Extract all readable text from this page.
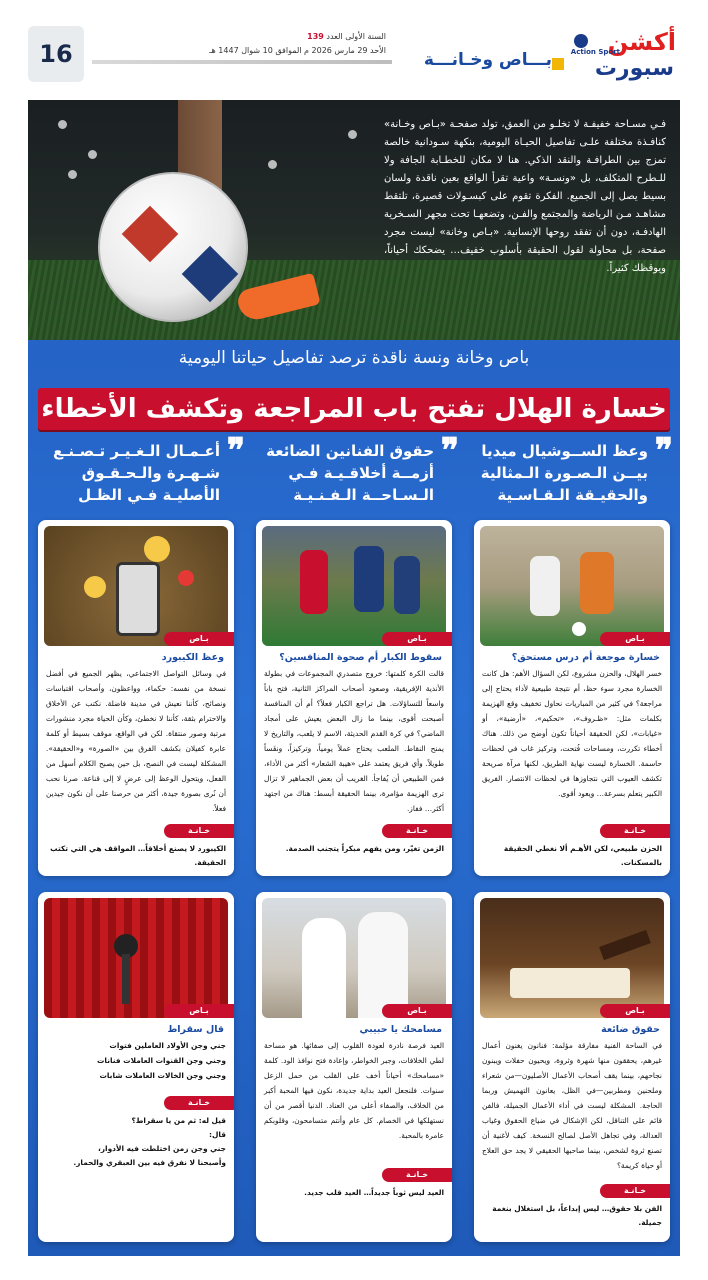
أكشن
Action Sport
سبورت
بـــاص وخـانـــة
السنة الأولى العدد 139
الأحد 29 مارس 2026 م الموافق 10 شوال 1447 هـ
16

فـي مسـاحة خفيفـة لا تخلـو من العمق، تولد صفحـة «بـاص وخـانة» كنافـذة مختلفة علـى تفاصيل الحيـاة اليومية، بنكهة سـودانية خالصة تمزج بين الطرافـة والنقد الذكي. هنا لا مكان للخطـابة الجافة ولا للـطرح المتكلف، بل «ونسـة» واعية تقرأ الواقع بعين ناقدة ولسان بسيط يصل إلى الجميع. الفكرة تقوم على كبسـولات قصيرة، تلتقط مشاهـد مـن الرياضة والمجتمع والفـن، وتضعهـا تحت مجهر السـخرية الهادفـة، دون أن تفقد روحها الإنسانية. «بـاص وخانة» ليست مجرد صفحة، بل محاولة لقول الحقيقة بأسلوب خفيف… يضحكك أحياناً، ويوقظك كثيراً.

باص وخانة ونسة ناقدة ترصد تفاصيل حياتنا اليومية
خسارة الهلال تفتح باب المراجعة وتكشف الأخطاء
❞
وعظ الســوشيال ميديا بيــن الـصـورة الـمثالية والحقيـقة الـقـاسـية
❞
حقوق الفنانين الضائعة أزمــة أخلاقـيـة فـي الـسـاحــة الـفـنـيـة
❞
أعـمـال الـغـيـر تـصـنـع شـهـرة والـحـقـوق الأصليـة فـي الظـل
بـاص
خسارة موجعة أم درس مستحق؟
خسر الهلال، والحزن مشروع، لكن السؤال الأهم: هل كانت الخسارة مجرد سوء حظ، أم نتيجة طبيعية لأداء يحتاج إلى مراجعة؟ في كثير من المباريات نحاول تخفيف وقع الهزيمة بكلمات مثل: «ظـروف»، «تحكيم»، «أرضية»، أو «غيابات»، لكن الحقيقة أحياناً تكون أوضح من ذلك. هناك أخطاء تكررت، ومساحات فُتحت، وتركيز غاب في لحظات حاسمة. الخسارة ليست نهاية الطريق، لكنها مرآة صريحة تكشف العيوب التي نتجاوزها في لحظات الانتصار. الفريق الكبير يتعلم بسرعة… ويعود أقوى.
خـانـة
الحزن طبيعي، لكن الأهـم ألا نغطي الحقيقة بالمسكنات.
بـاص
سقوط الكبار أم صحوة المنافسين؟
قالت الكرة كلمتها: خروج متصدري المجموعات في بطولة الأندية الإفريقية، وصعود أصحاب المراكز الثانية، فتح باباً واسعاً للتساؤلات. هل تراجع الكبار فعلاً؟ أم أن المنافسة أصبحت أقوى، بينما ما زال البعض يعيش على أمجاد الماضي؟ في كرة القدم الحديثة، الاسم لا يلعب، والتاريخ لا يمنح النقاط. الملعب يحتاج عملاً يومياً، وتركيزاً، ونفَساً طويلاً. وأي فريق يعتمد على «هيبة الشعار» أكثر من الأداء، فمن الطبيعي أن يُفاجأ. الغريب أن بعض الجماهير لا تزال ترى الهزيمة مؤامرة، بينما الحقيقة أبسط: هناك من اجتهد أكثر… ففاز.
خـانـة
الزمن تغيّر، ومن يفهم مبكراً يتجنب الصدمة.
بـاص
وعظ الكيبورد
في وسائل التواصل الاجتماعي، يظهر الجميع في أفضل نسخة من نفسه: حكماء، وواعظون، وأصحاب اقتباسات ونصائح، كأننا نعيش في مدينة فاضلة. نكتب عن الأخلاق والاحترام بثقة، كأننا لا نخطئ، وكأن الحياة مجرد منشورات مرتبة وصور منتقاة. لكن في الواقع، موقف بسيط أو كلمة عابرة كفيلان بكشف الفرق بين «الصورة» و«الحقيقة». المشكلة ليست في النصح، بل حين يصبح الكلام أسهل من الفعل، ويتحول الوعظ إلى عرضٍ لا إلى قناعة. صرنا نحب أن نُرى بصورة جيدة، أكثر من حرصنا على أن نكون جيدين فعلاً.
خـانـة
الكيبورد لا يصنع أخلاقاً… المواقف هي التي تكتب الحقيقة.
بـاص
حقوق ضائعة
في الساحة الفنية مفارقة مؤلمة: فنانون يغنون أعمال غيرهم، يحققون منها شهرة وثروة، ويحيون حفلات ويبنون نجاحهم، بينما يقف أصحاب الأعمال الأصليون—من شعراء وملحنين ومطربين—في الظل، يعانون التهميش وربما الحاجة. المشكلة ليست في أداء الأعمال الجميلة، فالفن قائم على التناقل، لكن الإشكال في ضياع الحقوق وغياب العدالة، وفي تجاهل الأصل لصالح النسخة. كيف لأغنية أن تصنع ثروة لشخص، بينما صاحبها الحقيقي لا يجد حق العلاج أو حياة كريمة؟
خـانـة
الفن بلا حقوق… ليس إبداعاً، بل استغلال بنغمة جميلة.
بـاص
مسامحك يا حبيبي
العيد فرصة نادرة لعودة القلوب إلى صفائها. هو مساحة لطي الخلافات، وجبر الخواطر، وإعادة فتح نوافذ الود. كلمة «مسامحك» أحياناً أخف على القلب من حمل الزعل سنوات. فلنجعل العيد بداية جديدة، نكون فيها المحبة أكبر من الخلاف، والصفاء أعلى من العناد. الدنيا أقصر من أن نستهلكها في الخصام. كل عام وأنتم متسامحون، وقلوبكم عامرة بالمحبة.
خـانـة
العيد ليس ثوباً جديداً… العيد قلب جديد.
بـاص
قال سقراط
جني وجن الأولاد العاملين فتوات
وجني وجن القنوات العاملات فنانات
وجني وجن الخالات العاملات شابات
خـانـة
قيل له: ثم من يا سقراط؟
قال:
جني وجن زمن اختلطت فيه الأدوار،
وأصبحنا لا نفرق فيه بين العبقري والحمار.
